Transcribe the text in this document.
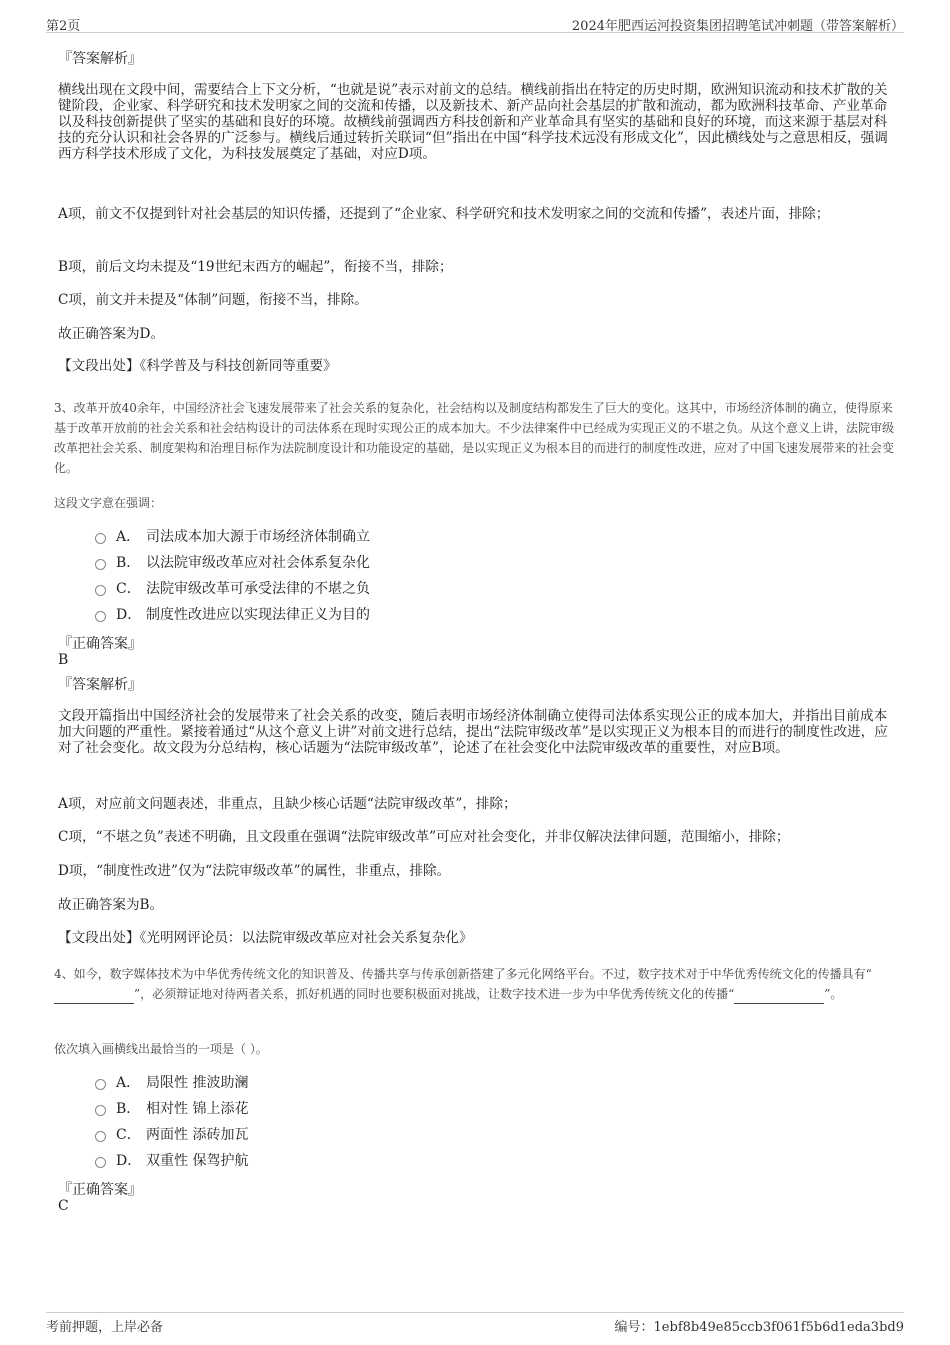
第2页	2024年肥西运河投资集团招聘笔试冲刺题（带答案解析）
『答案解析』
横线出现在文段中间，需要结合上下文分析，“也就是说”表示对前文的总结。横线前指出在特定的历史时期，欧洲知识流动和技术扩散的关键阶段，企业家、科学研究和技术发明家之间的交流和传播，以及新技术、新产品向社会基层的扩散和流动，都为欧洲科技革命、产业革命以及科技创新提供了坚实的基础和良好的环境。故横线前强调西方科技创新和产业革命具有坚实的基础和良好的环境，而这来源于基层对科技的充分认识和社会各界的广泛参与。横线后通过转折关联词“但”指出在中国“科学技术远没有形成文化”，因此横线处与之意思相反，强调西方科学技术形成了文化，为科技发展奠定了基础，对应D项。
A项，前文不仅提到针对社会基层的知识传播，还提到了“企业家、科学研究和技术发明家之间的交流和传播”，表述片面，排除；
B项，前后文均未提及“19世纪末西方的崛起”，衔接不当，排除；
C项，前文并未提及“体制”问题，衔接不当，排除。
故正确答案为D。
【文段出处】《科学普及与科技创新同等重要》
3、改革开放40余年，中国经济社会飞速发展带来了社会关系的复杂化，社会结构以及制度结构都发生了巨大的变化。这其中，市场经济体制的确立，使得原来基于改革开放前的社会关系和社会结构设计的司法体系在现时实现公正的成本加大。不少法律案件中已经成为实现正义的不堪之负。从这个意义上讲，法院审级改革把社会关系、制度架构和治理目标作为法院制度设计和功能设定的基础，是以实现正义为根本目的而进行的制度性改进，应对了中国飞速发展带来的社会变化。
这段文字意在强调：
A． 司法成本加大源于市场经济体制确立
B． 以法院审级改革应对社会体系复杂化
C． 法院审级改革可承受法律的不堪之负
D． 制度性改进应以实现法律正义为目的
『正确答案』
B
『答案解析』
文段开篇指出中国经济社会的发展带来了社会关系的改变，随后表明市场经济体制确立使得司法体系实现公正的成本加大，并指出目前成本加大问题的严重性。紧接着通过“从这个意义上讲”对前文进行总结，提出“法院审级改革”是以实现正义为根本目的而进行的制度性改进，应对了社会变化。故文段为分总结构，核心话题为“法院审级改革”，论述了在社会变化中法院审级改革的重要性，对应B项。
A项，对应前文问题表述，非重点，且缺少核心话题“法院审级改革”，排除；
C项，“不堪之负”表述不明确，且文段重在强调“法院审级改革”可应对社会变化，并非仅解决法律问题，范围缩小，排除；
D项，“制度性改进”仅为“法院审级改革”的属性，非重点，排除。
故正确答案为B。
【文段出处】《光明网评论员：以法院审级改革应对社会关系复杂化》
4、如今，数字媒体技术为中华优秀传统文化的知识普及、传播共享与传承创新搭建了多元化网络平台。不过，数字技术对于中华优秀传统文化的传播具有“”，必须辩证地对待两者关系，抓好机遇的同时也要积极面对挑战，让数字技术进一步为中华优秀传统文化的传播“	”。
依次填入画横线出最恰当的一项是（ ）。
A． 局限性 推波助澜
B． 相对性 锦上添花
C． 两面性 添砖加瓦
D． 双重性 保驾护航
『正确答案』
C
考前押题，上岸必备	编号：1ebf8b49e85ccb3f061f5b6d1eda3bd9
